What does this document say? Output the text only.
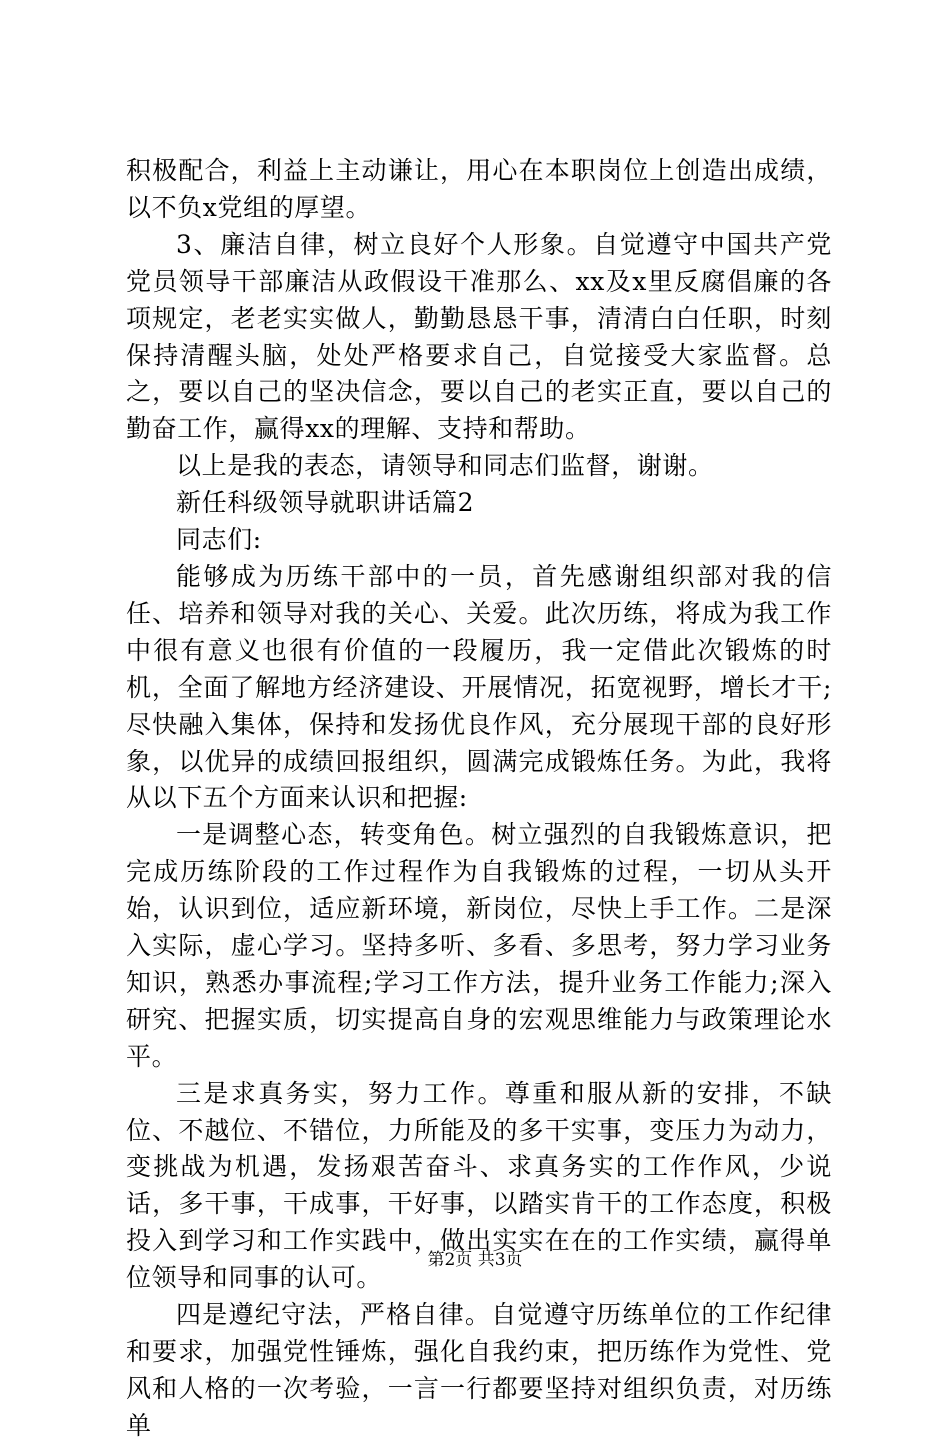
积极配合，利益上主动谦让，用心在本职岗位上创造出成绩，以不负x党组的厚望。

3、廉洁自律，树立良好个人形象。自觉遵守中国共产党党员领导干部廉洁从政假设干准那么、xx及x里反腐倡廉的各项规定，老老实实做人，勤勤恳恳干事，清清白白任职，时刻保持清醒头脑，处处严格要求自己，自觉接受大家监督。总之，要以自己的坚决信念，要以自己的老实正直，要以自己的勤奋工作，赢得xx的理解、支持和帮助。

以上是我的表态，请领导和同志们监督，谢谢。

新任科级领导就职讲话篇2

同志们:

能够成为历练干部中的一员，首先感谢组织部对我的信任、培养和领导对我的关心、关爱。此次历练，将成为我工作中很有意义也很有价值的一段履历，我一定借此次锻炼的时机，全面了解地方经济建设、开展情况，拓宽视野，增长才干;尽快融入集体，保持和发扬优良作风，充分展现干部的良好形象，以优异的成绩回报组织，圆满完成锻炼任务。为此，我将从以下五个方面来认识和把握:

一是调整心态，转变角色。树立强烈的自我锻炼意识，把完成历练阶段的工作过程作为自我锻炼的过程，一切从头开始，认识到位，适应新环境，新岗位，尽快上手工作。二是深入实际，虚心学习。坚持多听、多看、多思考，努力学习业务知识，熟悉办事流程;学习工作方法，提升业务工作能力;深入研究、把握实质，切实提高自身的宏观思维能力与政策理论水平。

三是求真务实，努力工作。尊重和服从新的安排，不缺位、不越位、不错位，力所能及的多干实事，变压力为动力，变挑战为机遇，发扬艰苦奋斗、求真务实的工作作风，少说话，多干事，干成事，干好事，以踏实肯干的工作态度，积极投入到学习和工作实践中，做出实实在在的工作实绩，赢得单位领导和同事的认可。

四是遵纪守法，严格自律。自觉遵守历练单位的工作纪律和要求，加强党性锤炼，强化自我约束，把历练作为党性、党风和人格的一次考验，一言一行都要坚持对组织负责，对历练单

第2页 共3页
